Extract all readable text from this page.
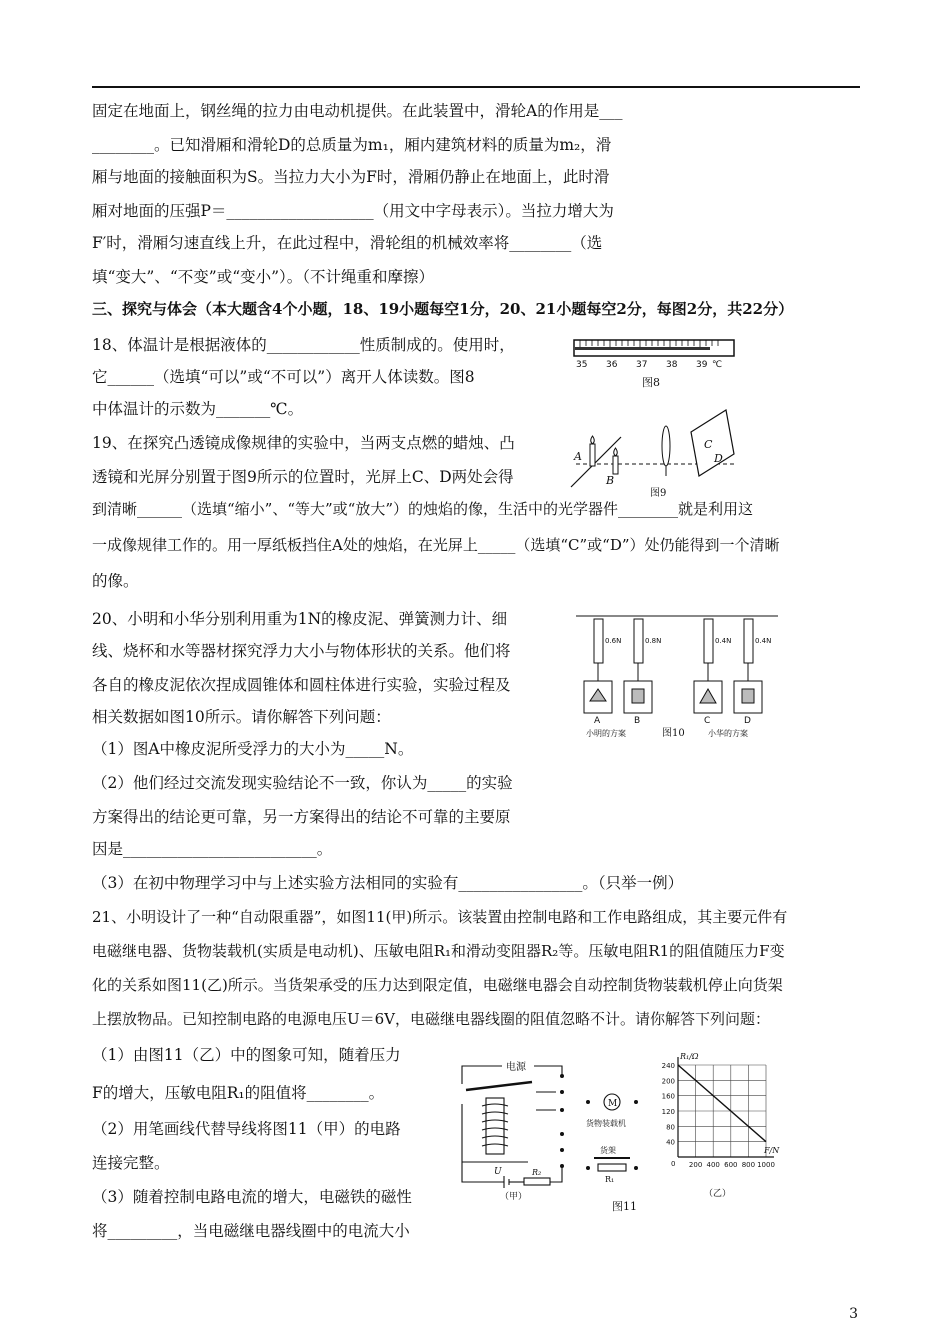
固定在地面上，钢丝绳的拉力由电动机提供。在此装置中，滑轮A的作用是___
________。已知滑厢和滑轮D的总质量为m₁，厢内建筑材料的质量为m₂，滑
厢与地面的接触面积为S。当拉力大小为F时，滑厢仍静止在地面上，此时滑
厢对地面的压强P＝___________________（用文中字母表示）。当拉力增大为
F′时，滑厢匀速直线上升，在此过程中，滑轮组的机械效率将________（选
填“变大”、“不变”或“变小”）。（不计绳重和摩擦）
三、探究与体会（本大题含4个小题，18、19小题每空1分，20、21小题每空2分，每图2分，共22分）
18、体温计是根据液体的____________性质制成的。使用时，
它______（选填“可以”或“不可以”）离开人体读数。图8
中体温计的示数为_______℃。
19、在探究凸透镜成像规律的实验中，当两支点燃的蜡烛、凸
透镜和光屏分别置于图9所示的位置时，光屏上C、D两处会得
到清晰______（选填“缩小”、“等大”或“放大”）的烛焰的像，生活中的光学器件________就是利用这
一成像规律工作的。用一厚纸板挡住A处的烛焰，在光屏上_____（选填“C”或“D”）处仍能得到一个清晰
的像。
20、小明和小华分别利用重为1N的橡皮泥、弹簧测力计、细
线、烧杯和水等器材探究浮力大小与物体形状的关系。他们将
各自的橡皮泥依次捏成圆锥体和圆柱体进行实验，实验过程及
相关数据如图10所示。请你解答下列问题：
（1）图A中橡皮泥所受浮力的大小为_____N。
（2）他们经过交流发现实验结论不一致，你认为_____的实验
方案得出的结论更可靠，另一方案得出的结论不可靠的主要原
因是_________________________。
（3）在初中物理学习中与上述实验方法相同的实验有________________。（只举一例）
21、小明设计了一种“自动限重器”，如图11(甲)所示。该装置由控制电路和工作电路组成，其主要元件有
电磁继电器、货物装载机(实质是电动机)、压敏电阻R₁和滑动变阻器R₂等。压敏电阻R1的阻值随压力F变
化的关系如图11(乙)所示。当货架承受的压力达到限定值，电磁继电器会自动控制货物装载机停止向货架
上摆放物品。已知控制电路的电源电压U＝6V，电磁继电器线圈的阻值忽略不计。请你解答下列问题：
（1）由图11（乙）中的图象可知，随着压力
F的增大，压敏电阻R₁的阻值将________。
（2）用笔画线代替导线将图11（甲）的电路
连接完整。
（3）随着控制电路电流的增大，电磁铁的磁性
将_________，当电磁继电器线圈中的电流大小
35 36 37 38 39 ℃
图8
A
B
C
D
图9
0.6N	0.8N	0.4N	0.4N
A	B	C	D
小明的方案	图10	小华的方案
电源
M
货物装载机
货架
R₁
R₂
U
（甲）
图11
R₁/Ω
F/N
0
240
200
160
120
80
40
200 400 600 800 1000
（乙）
3
